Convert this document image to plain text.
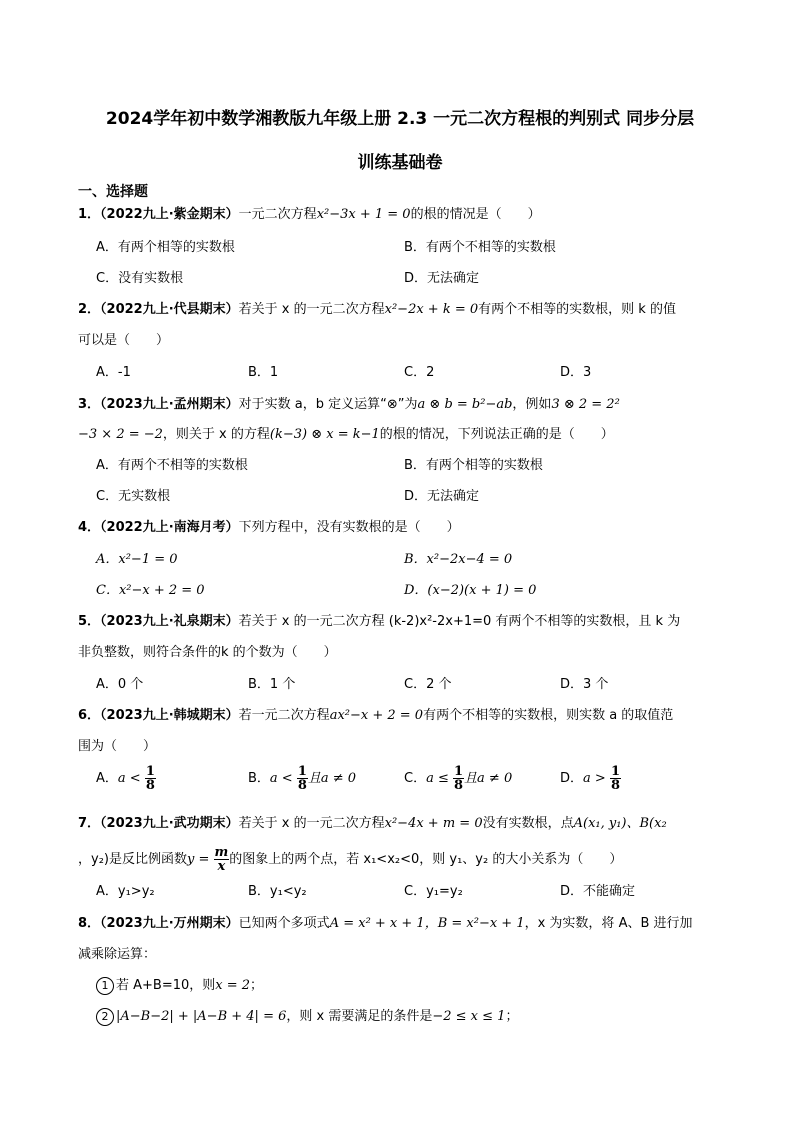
2024学年初中数学湘教版九年级上册 2.3 一元二次方程根的判别式 同步分层
训练基础卷
一、选择题
1．（2022九上·紫金期末）一元二次方程x²−3x + 1 = 0的根的情况是（　　）
A．有两个相等的实数根	B．有两个不相等的实数根
C．没有实数根	D．无法确定
2．（2022九上·代县期末）若关于 x 的一元二次方程x²−2x + k = 0有两个不相等的实数根，则 k 的值
可以是（　　）
A．-1	B．1	C．2	D．3
3．（2023九上·孟州期末）对于实数 a，b 定义运算“⊗”为a ⊗ b = b²−ab，例如3 ⊗ 2 = 2²
−3 × 2 = −2，则关于 x 的方程(k−3) ⊗ x = k−1的根的情况，下列说法正确的是（　　）
A．有两个不相等的实数根	B．有两个相等的实数根
C．无实数根	D．无法确定
4．（2022九上·南海月考）下列方程中，没有实数根的是（　　）
A．x²−1 = 0	B．x²−2x−4 = 0
C．x²−x + 2 = 0	D．(x−2)(x + 1) = 0
5．（2023九上·礼泉期末）若关于 x 的一元二次方程 (k-2)x²-2x+1=0 有两个不相等的实数根，且 k 为
非负整数，则符合条件的k 的个数为（　　）
A．0 个	B．1 个	C．2 个	D．3 个
6．（2023九上·韩城期末）若一元二次方程ax²−x + 2 = 0有两个不相等的实数根，则实数 a 的取值范
围为（　　）
A．$a < \frac{1}{8}$	B．$a < \frac{1}{8}$ 且a ≠ 0	C．$a \le \frac{1}{8}$ 且a ≠ 0	D．$a > \frac{1}{8}$
7．（2023九上·武功期末）若关于 x 的一元二次方程x²−4x + m = 0没有实数根，点A(x₁, y₁)、B(x₂
，y₂)是反比例函数$y = \frac{m}{x}$ 的图象上的两个点，若 x₁<x₂<0，则 y₁、y₂ 的大小关系为（　　）
A．y₁>y₂	B．y₁<y₂	C．y₁=y₂	D．不能确定
8．（2023九上·万州期末）已知两个多项式A = x² + x + 1，B = x²−x + 1，x 为实数，将 A、B 进行加
减乘除运算：
1 若 A+B=10，则x = 2；
2 |A−B−2| + |A−B + 4| = 6，则 x 需要满足的条件是−2 ≤ x ≤ 1；
